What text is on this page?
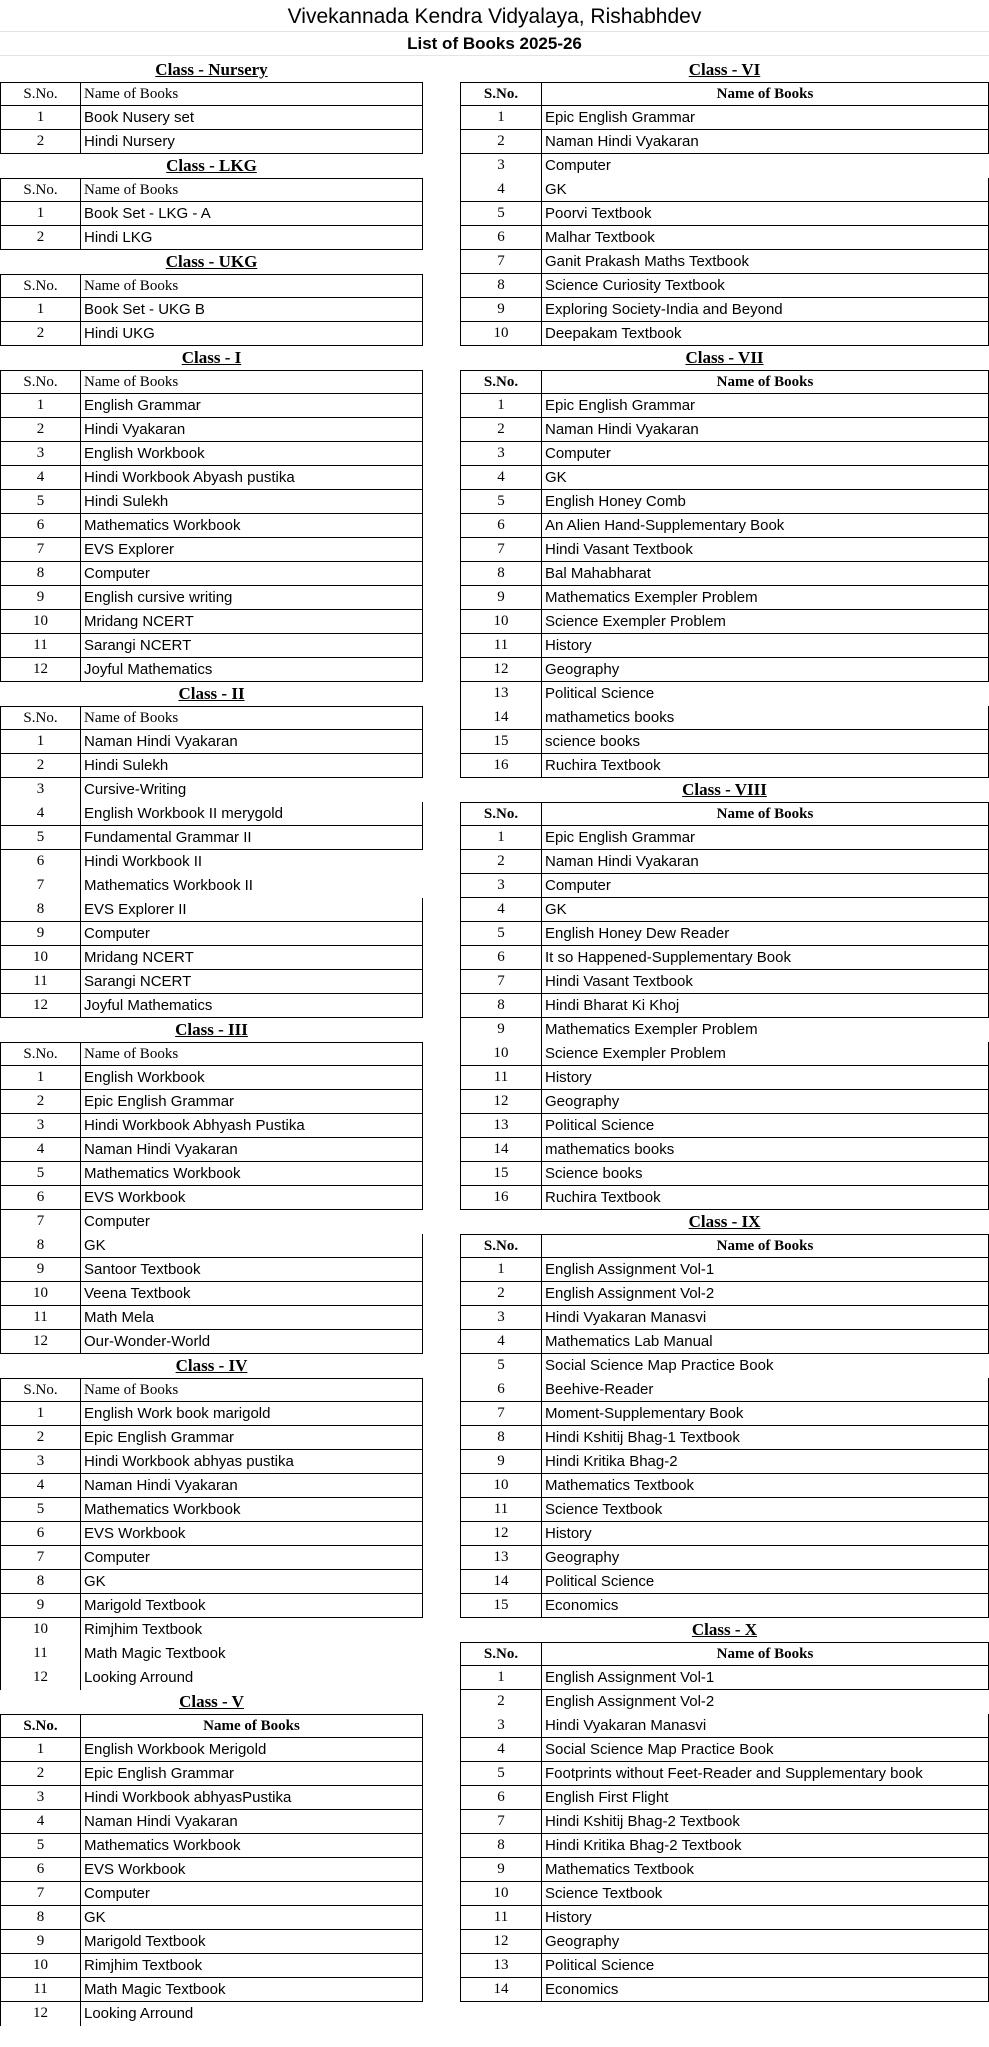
Vivekannada Kendra Vidyalaya, Rishabhdev
List of Books 2025-26
Class - Nursery
S.No.	Name of Books
1	Book Nusery set
2	Hindi Nursery
Class - LKG
S.No.	Name of Books
1	Book Set - LKG - A
2	Hindi LKG
Class - UKG
S.No.	Name of Books
1	Book Set - UKG B
2	Hindi UKG
Class - I
S.No.	Name of Books
1	English Grammar
2	Hindi Vyakaran
3	English Workbook
4	Hindi Workbook Abyash pustika
5	Hindi Sulekh
6	Mathematics Workbook
7	EVS Explorer
8	Computer
9	English cursive writing
10	Mridang NCERT
11	Sarangi NCERT
12	Joyful Mathematics
Class - II
S.No.	Name of Books
1	Naman Hindi Vyakaran
2	Hindi Sulekh
3	Cursive-Writing
4	English Workbook II merygold
5	Fundamental Grammar II
6	Hindi Workbook II
7	Mathematics Workbook II
8	EVS Explorer II
9	Computer
10	Mridang NCERT
11	Sarangi NCERT
12	Joyful Mathematics
Class - III
S.No.	Name of Books
1	English Workbook
2	Epic English Grammar
3	Hindi Workbook Abhyash Pustika
4	Naman Hindi Vyakaran
5	Mathematics Workbook
6	EVS Workbook
7	Computer
8	GK
9	Santoor Textbook
10	Veena Textbook
11	Math Mela
12	Our-Wonder-World
Class - IV
S.No.	Name of Books
1	English Work book marigold
2	Epic English Grammar
3	Hindi Workbook abhyas pustika
4	Naman Hindi Vyakaran
5	Mathematics Workbook
6	EVS Workbook
7	Computer
8	GK
9	Marigold Textbook
10	Rimjhim Textbook
11	Math Magic Textbook
12	Looking Arround
Class - V
S.No.	Name of Books
1	English Workbook Merigold
2	Epic English Grammar
3	Hindi Workbook abhyasPustika
4	Naman Hindi Vyakaran
5	Mathematics Workbook
6	EVS Workbook
7	Computer
8	GK
9	Marigold Textbook
10	Rimjhim Textbook
11	Math Magic Textbook
12	Looking Arround
Class - VI
S.No.	Name of Books
1	Epic English Grammar
2	Naman Hindi Vyakaran
3	Computer
4	GK
5	Poorvi Textbook
6	Malhar Textbook
7	Ganit Prakash Maths Textbook
8	Science Curiosity Textbook
9	Exploring Society-India and Beyond
10	Deepakam Textbook
Class - VII
S.No.	Name of Books
1	Epic English Grammar
2	Naman Hindi Vyakaran
3	Computer
4	GK
5	English Honey Comb
6	An Alien Hand-Supplementary Book
7	Hindi Vasant Textbook
8	Bal Mahabharat
9	Mathematics Exempler Problem
10	Science Exempler Problem
11	History
12	Geography
13	Political Science
14	mathametics books
15	science books
16	Ruchira Textbook
Class - VIII
S.No.	Name of Books
1	Epic English Grammar
2	Naman Hindi Vyakaran
3	Computer
4	GK
5	English Honey Dew Reader
6	It so Happened-Supplementary Book
7	Hindi Vasant Textbook
8	Hindi Bharat Ki Khoj
9	Mathematics Exempler Problem
10	Science Exempler Problem
11	History
12	Geography
13	Political Science
14	mathematics books
15	Science books
16	Ruchira Textbook
Class - IX
S.No.	Name of Books
1	English Assignment Vol-1
2	English Assignment Vol-2
3	Hindi Vyakaran Manasvi
4	Mathematics Lab Manual
5	Social Science Map Practice Book
6	Beehive-Reader
7	Moment-Supplementary Book
8	Hindi Kshitij Bhag-1 Textbook
9	Hindi Kritika Bhag-2
10	Mathematics Textbook
11	Science Textbook
12	History
13	Geography
14	Political Science
15	Economics
Class - X
S.No.	Name of Books
1	English Assignment Vol-1
2	English Assignment Vol-2
3	Hindi Vyakaran Manasvi
4	Social Science Map Practice Book
5	Footprints without Feet-Reader and Supplementary book
6	English First Flight
7	Hindi Kshitij Bhag-2 Textbook
8	Hindi Kritika Bhag-2 Textbook
9	Mathematics Textbook
10	Science Textbook
11	History
12	Geography
13	Political Science
14	Economics
